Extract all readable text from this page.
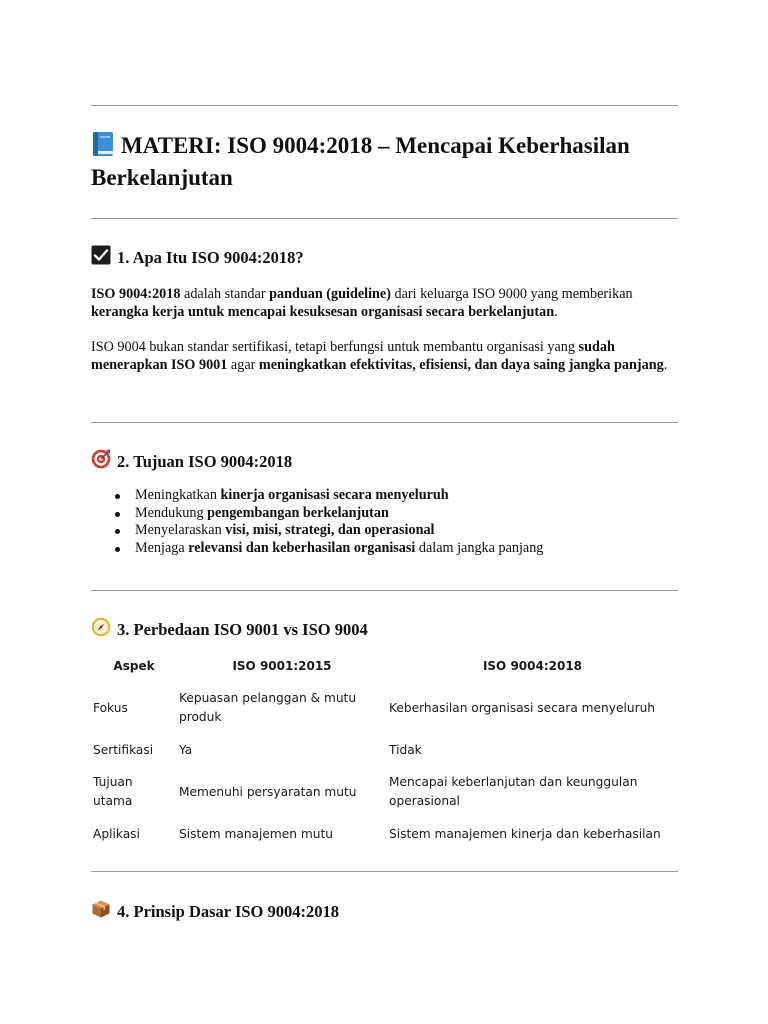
MATERI: ISO 9004:2018 – Mencapai Keberhasilan Berkelanjutan
1. Apa Itu ISO 9004:2018?

ISO 9004:2018 adalah standar panduan (guideline) dari keluarga ISO 9000 yang memberikan kerangka kerja untuk mencapai kesuksesan organisasi secara berkelanjutan.

ISO 9004 bukan standar sertifikasi, tetapi berfungsi untuk membantu organisasi yang sudah menerapkan ISO 9001 agar meningkatkan efektivitas, efisiensi, dan daya saing jangka panjang.

2. Tujuan ISO 9004:2018
Meningkatkan kinerja organisasi secara menyeluruh
Mendukung pengembangan berkelanjutan
Menyelaraskan visi, misi, strategi, dan operasional
Menjaga relevansi dan keberhasilan organisasi dalam jangka panjang
3. Perbedaan ISO 9001 vs ISO 9004
Aspek	ISO 9001:2015	ISO 9004:2018
Fokus	Kepuasan pelanggan & mutu produk	Keberhasilan organisasi secara menyeluruh
Sertifikasi	Ya	Tidak
Tujuan utama	Memenuhi persyaratan mutu	Mencapai keberlanjutan dan keunggulan operasional
Aplikasi	Sistem manajemen mutu	Sistem manajemen kinerja dan keberhasilan
4. Prinsip Dasar ISO 9004:2018
